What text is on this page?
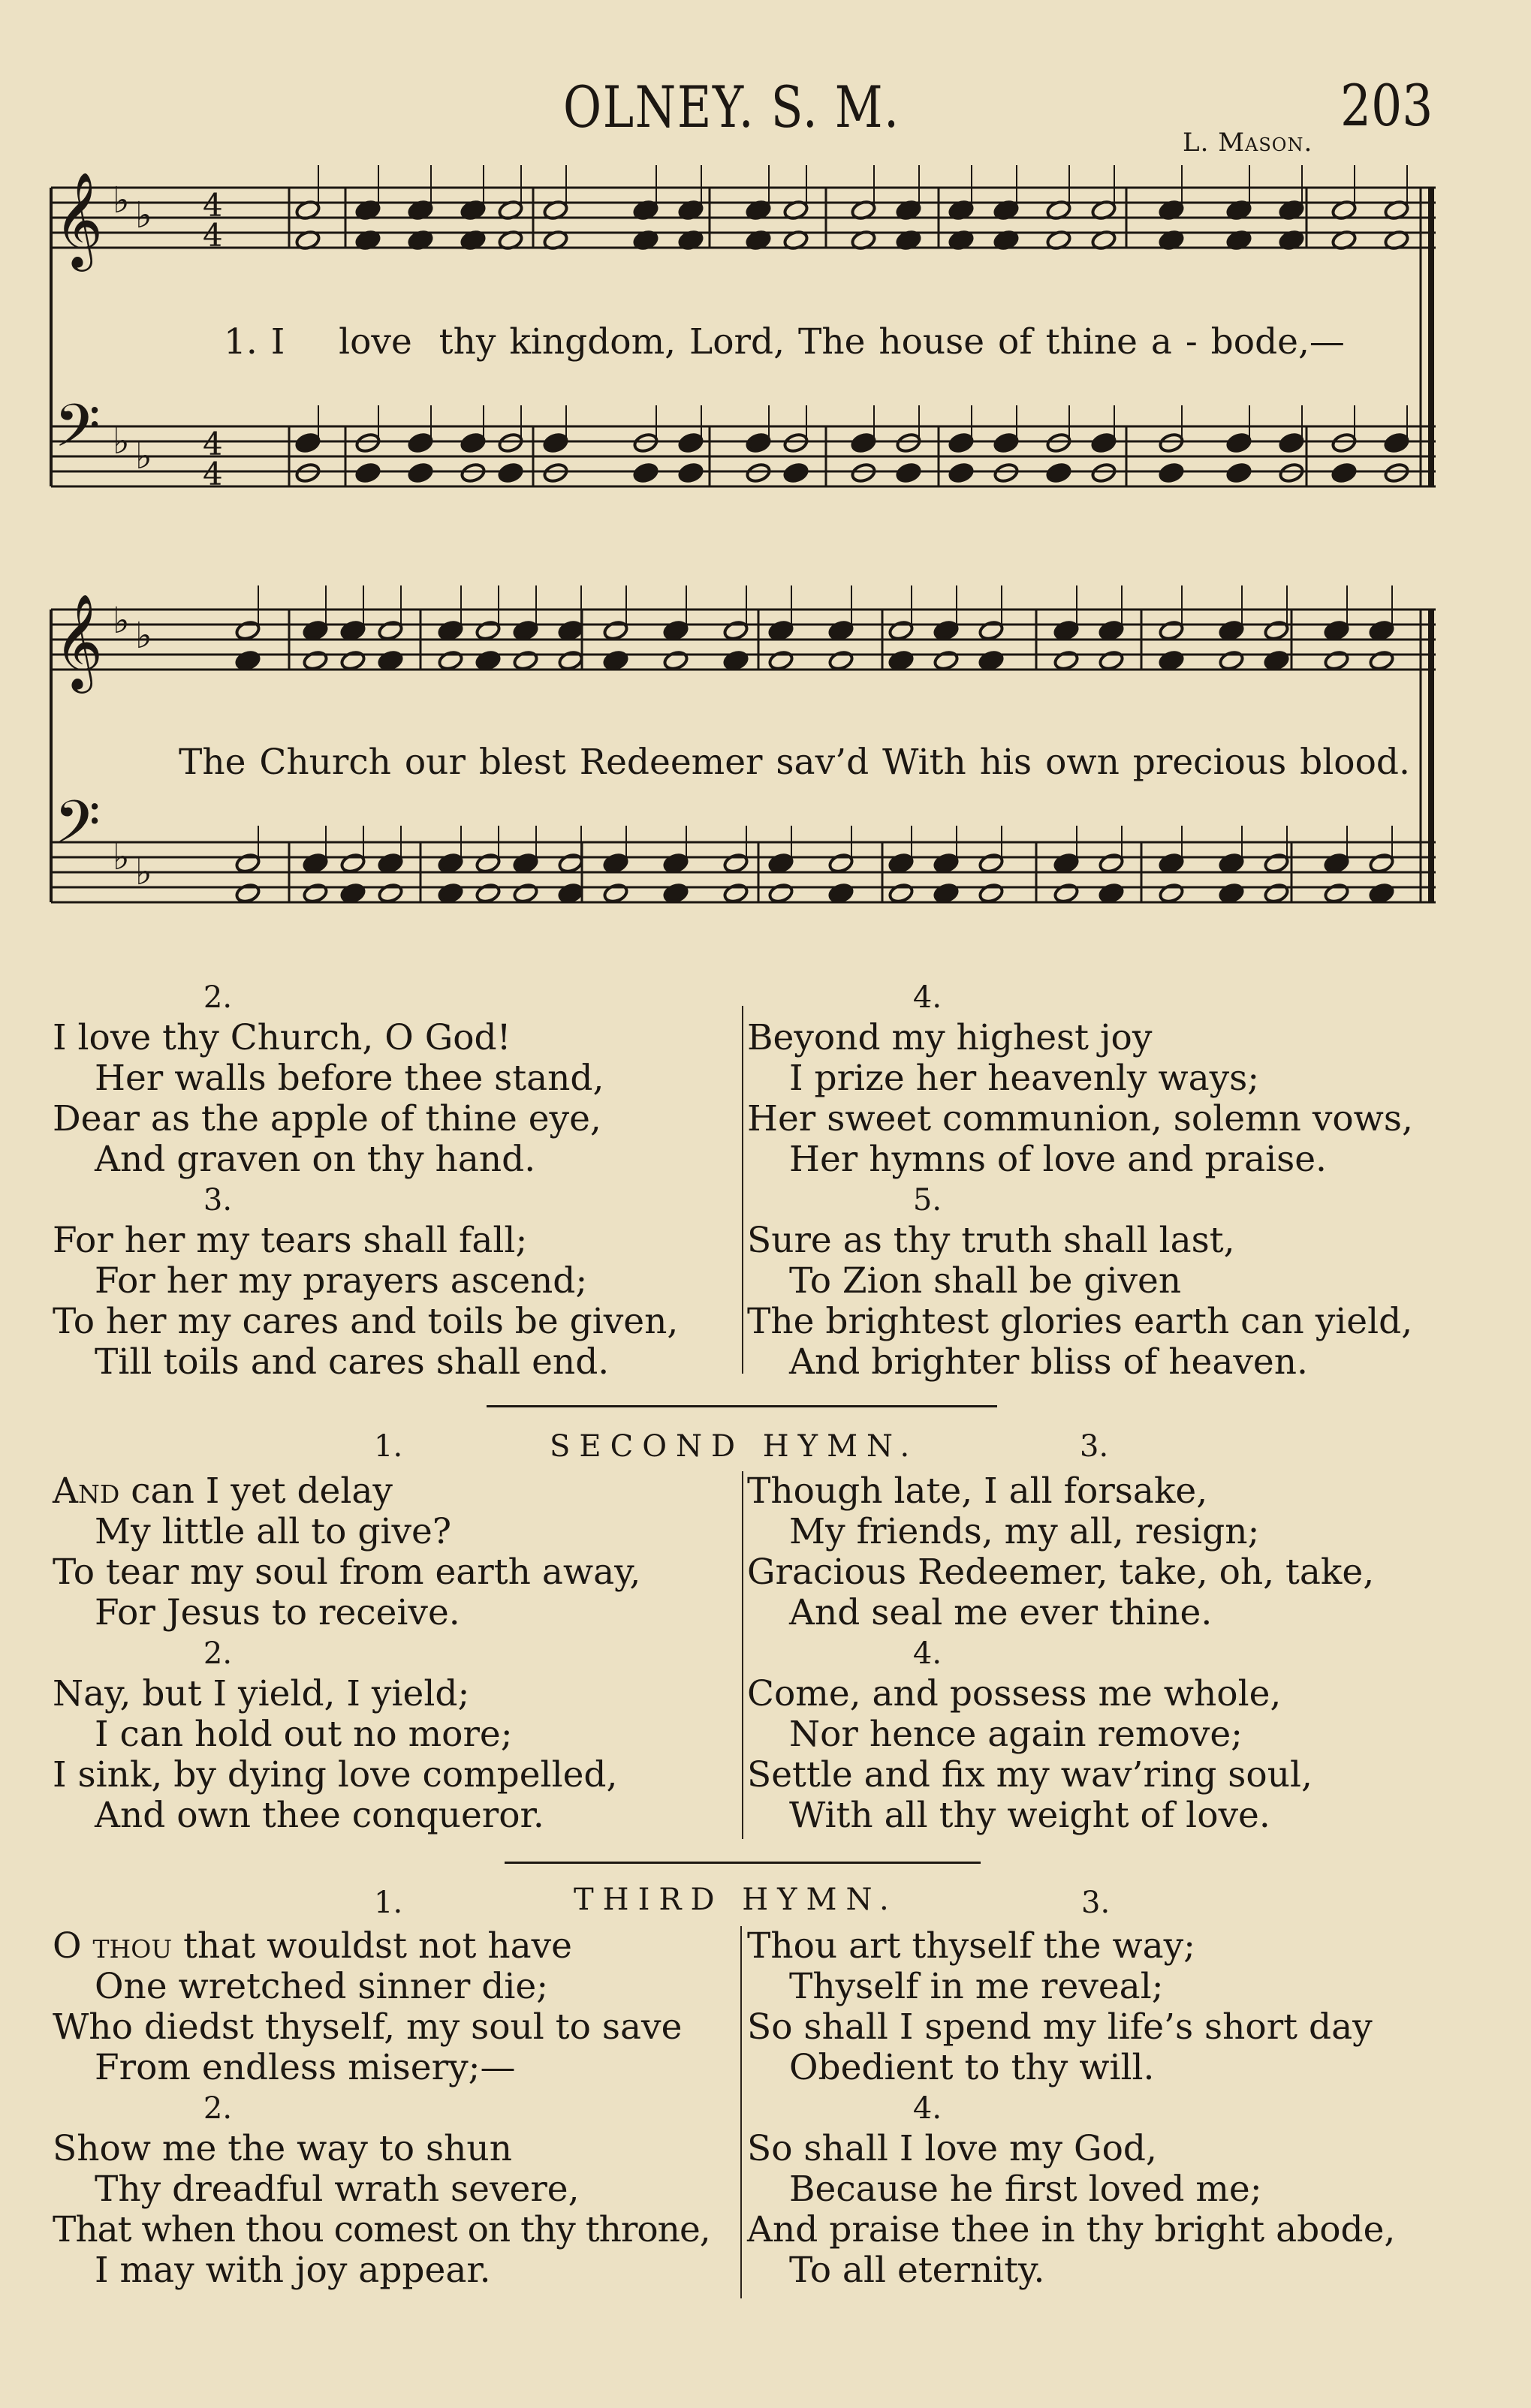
OLNEY. S. M.	203
L. Mason.
𝄞
𝄢
𝄞
𝄢
♭ ♭
♭ ♭
♭ ♭
♭ ♭
4
4
4
4
1. I    love  thy kingdom, Lord, The house of thine a - bode,—
The Church our blest Redeemer sav’d With his own precious blood.
2.
I love thy Church, O God!
Her walls before thee stand,
Dear as the apple of thine eye,
And graven on thy hand.
3.
For her my tears shall fall;
For her my prayers ascend;
To her my cares and toils be given,
Till toils and cares shall end.
4.
Beyond my highest joy
I prize her heavenly ways;
Her sweet communion, solemn vows,
Her hymns of love and praise.
5.
Sure as thy truth shall last,
To Zion shall be given
The brightest glories earth can yield,
And brighter bliss of heaven.
1.	SECOND HYMN.	3.
And can I yet delay
My little all to give?
To tear my soul from earth away,
For Jesus to receive.
2.
Nay, but I yield, I yield;
I can hold out no more;
I sink, by dying love compelled,
And own thee conqueror.
Though late, I all forsake,
My friends, my all, resign;
Gracious Redeemer, take, oh, take,
And seal me ever thine.
4.
Come, and possess me whole,
Nor hence again remove;
Settle and fix my wav’ring soul,
With all thy weight of love.
1.	THIRD HYMN.	3.
O thou that wouldst not have
One wretched sinner die;
Who diedst thyself, my soul to save
From endless misery;—
2.
Show me the way to shun
Thy dreadful wrath severe,
That when thou comest on thy throne,
I may with joy appear.
Thou art thyself the way;
Thyself in me reveal;
So shall I spend my life’s short day
Obedient to thy will.
4.
So shall I love my God,
Because he first loved me;
And praise thee in thy bright abode,
To all eternity.
